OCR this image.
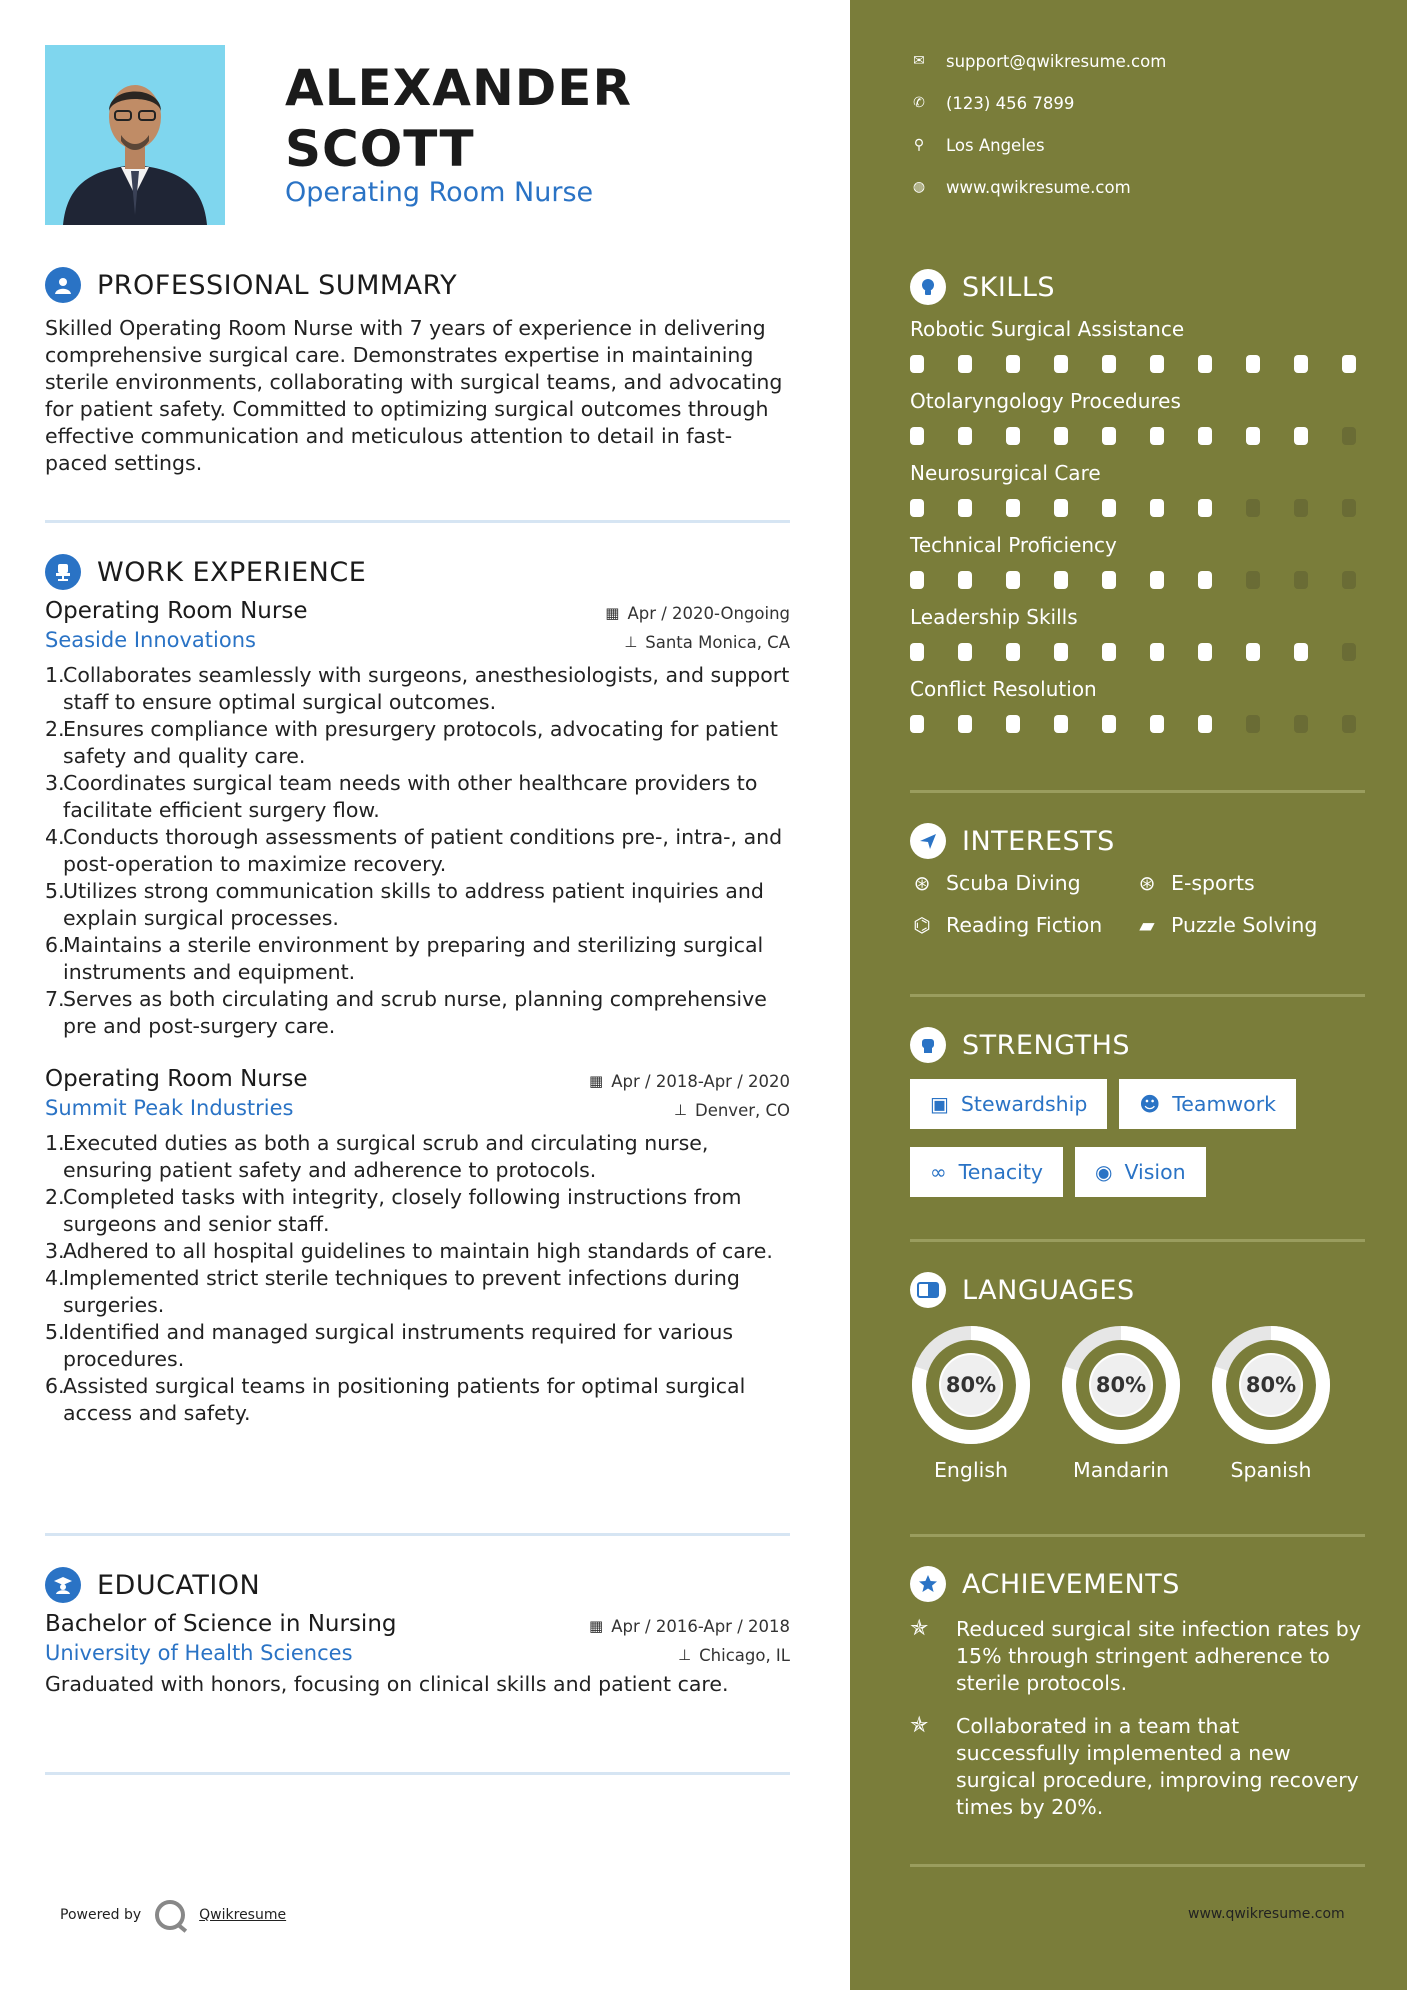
ALEXANDER
SCOTT
Operating Room Nurse
PROFESSIONAL SUMMARY
Skilled Operating Room Nurse with 7 years of experience in delivering comprehensive surgical care. Demonstrates expertise in maintaining sterile environments, collaborating with surgical teams, and advocating for patient safety. Committed to optimizing surgical outcomes through effective communication and meticulous attention to detail in fast-paced settings.
WORK EXPERIENCE
Operating Room Nurse	▦ Apr / 2020-Ongoing
Seaside Innovations	⊥ Santa Monica, CA
1.
Collaborates seamlessly with surgeons, anesthesiologists, and support staff to ensure optimal surgical outcomes.
2.
Ensures compliance with presurgery protocols, advocating for patient safety and quality care.
3.
Coordinates surgical team needs with other healthcare providers to facilitate efficient surgery flow.
4.
Conducts thorough assessments of patient conditions pre-, intra-, and post-operation to maximize recovery.
5.
Utilizes strong communication skills to address patient inquiries and explain surgical processes.
6.
Maintains a sterile environment by preparing and sterilizing surgical instruments and equipment.
7.
Serves as both circulating and scrub nurse, planning comprehensive pre and post-surgery care.
Operating Room Nurse	▦ Apr / 2018-Apr / 2020
Summit Peak Industries	⊥ Denver, CO
1.
Executed duties as both a surgical scrub and circulating nurse, ensuring patient safety and adherence to protocols.
2.
Completed tasks with integrity, closely following instructions from surgeons and senior staff.
3.
Adhered to all hospital guidelines to maintain high standards of care.
4.
Implemented strict sterile techniques to prevent infections during surgeries.
5.
Identified and managed surgical instruments required for various procedures.
6.
Assisted surgical teams in positioning patients for optimal surgical access and safety.
EDUCATION
Bachelor of Science in Nursing	▦ Apr / 2016-Apr / 2018
University of Health Sciences	⊥ Chicago, IL
Graduated with honors, focusing on clinical skills and patient care.
Powered by	Qwikresume
✉ support@qwikresume.com
✆ (123) 456 7899
⚲ Los Angeles
◍ www.qwikresume.com
SKILLS
Robotic Surgical Assistance
Otolaryngology Procedures
Neurosurgical Care
Technical Proficiency
Leadership Skills
Conflict Resolution
INTERESTS
⊛ Scuba Diving	⊛ E-sports
⌬ Reading Fiction ▰ Puzzle Solving
STRENGTHS
▣ Stewardship	☻ Teamwork
∞ Tenacity	◉ Vision
LANGUAGES
80%
English
80%
Mandarin
80%
Spanish
ACHIEVEMENTS
✯	Reduced surgical site infection rates by 15% through stringent adherence to sterile protocols.
✯	Collaborated in a team that successfully implemented a new surgical procedure, improving recovery times by 20%.
www.qwikresume.com
